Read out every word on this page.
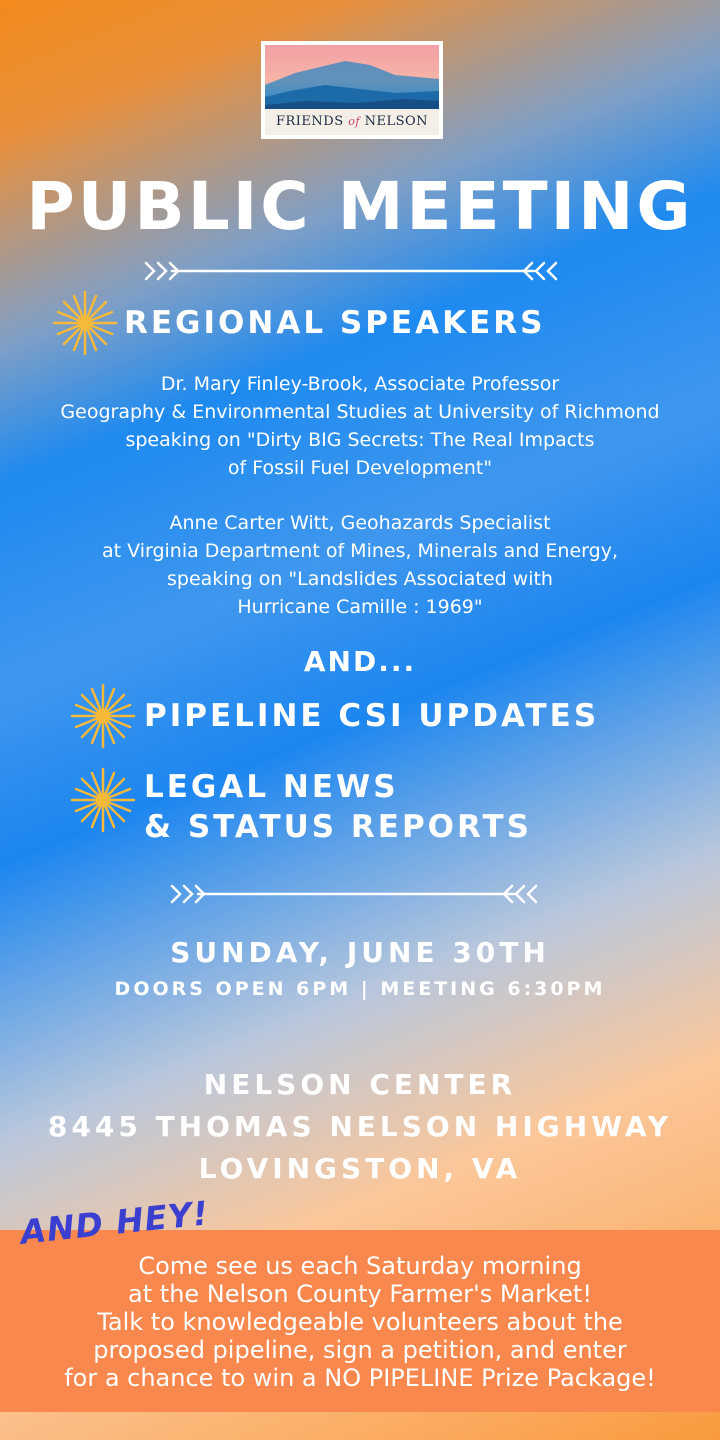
FRIENDS of NELSON
PUBLIC MEETING
REGIONAL SPEAKERS
Dr. Mary Finley-Brook, Associate Professor
Geography & Environmental Studies at University of Richmond
speaking on "Dirty BIG Secrets: The Real Impacts
of Fossil Fuel Development"
Anne Carter Witt, Geohazards Specialist
at Virginia Department of Mines, Minerals and Energy,
speaking on "Landslides Associated with
Hurricane Camille : 1969"
AND...
PIPELINE CSI UPDATES
LEGAL NEWS
& STATUS REPORTS
SUNDAY, JUNE 30TH
DOORS OPEN 6PM | MEETING 6:30PM
NELSON CENTER
8445 THOMAS NELSON HIGHWAY
LOVINGSTON, VA
AND HEY!
Come see us each Saturday morning
at the Nelson County Farmer's Market!
Talk to knowledgeable volunteers about the
proposed pipeline, sign a petition, and enter
for a chance to win a NO PIPELINE Prize Package!
